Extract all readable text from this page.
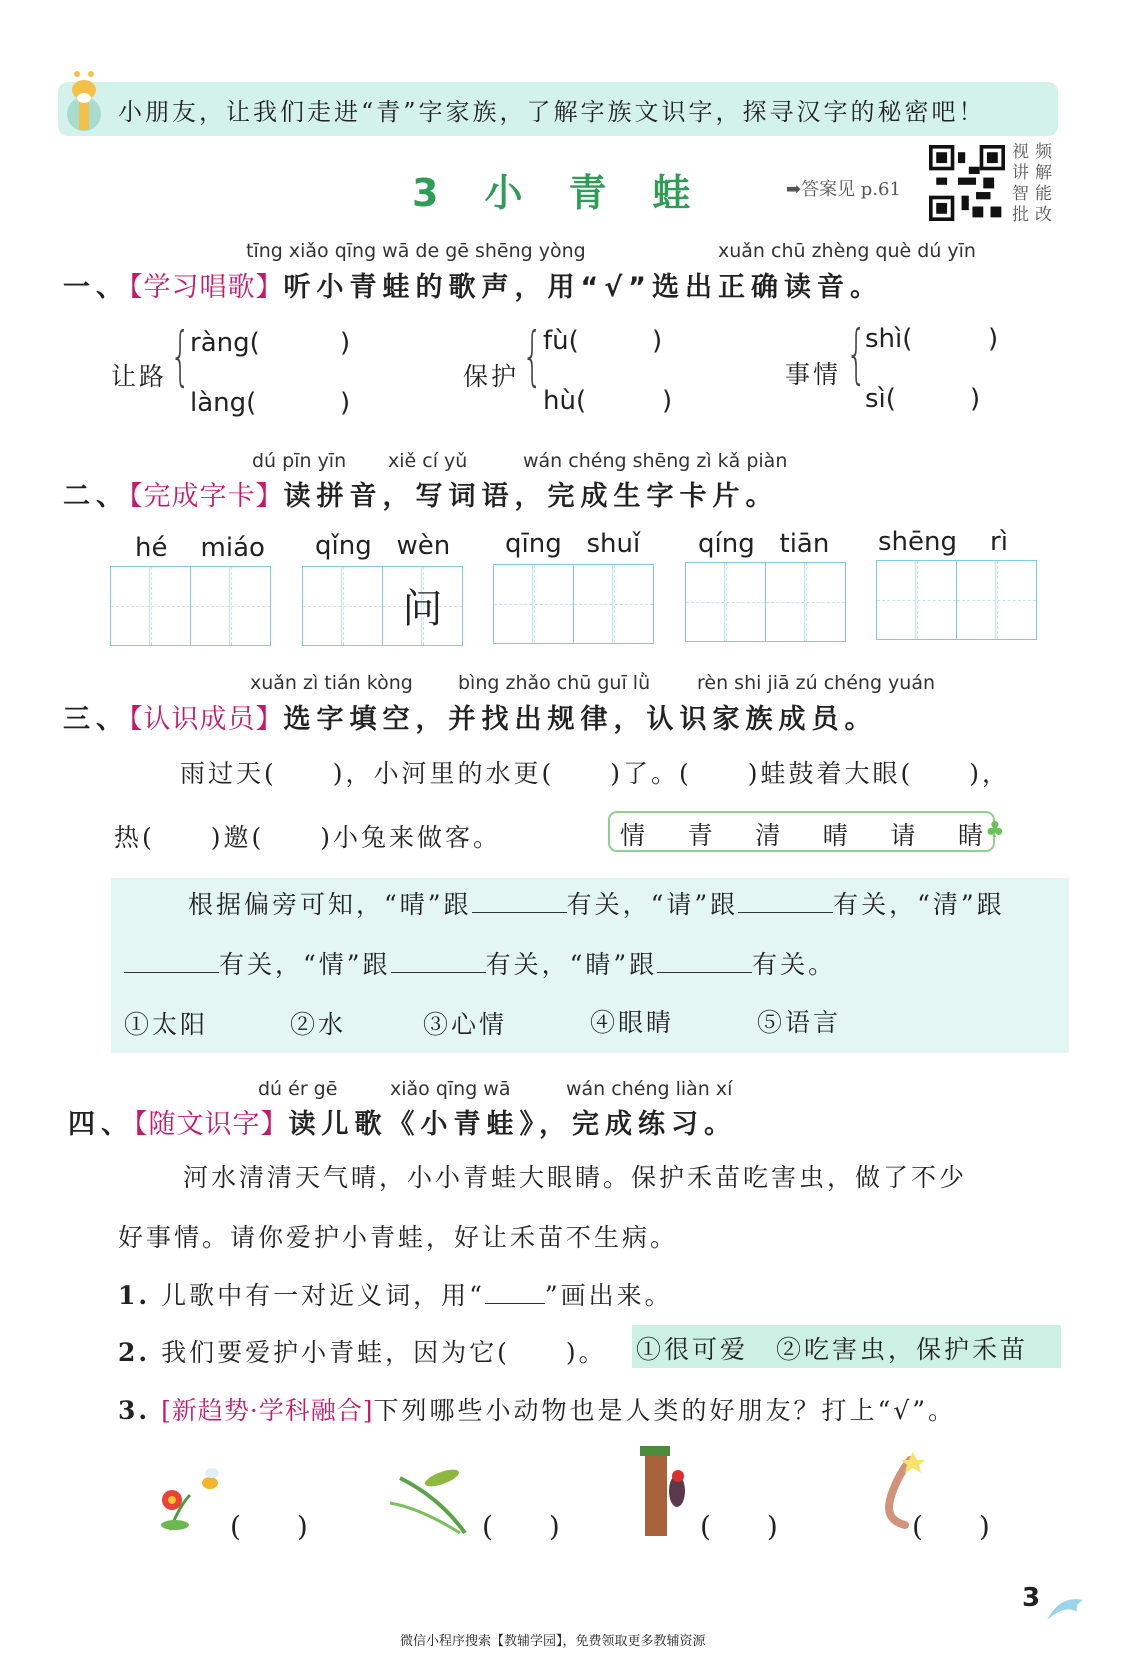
小朋友，让我们走进“青”字家族，了解字族文识字，探寻汉字的秘密吧！
3 小 青 蛙	➡答案见 p.61
视频讲解 智能批改
tīng xiǎo qīng wā de gē shēng yòng	xuǎn chū zhèng què dú yīn
一、【学习唱歌】听小青蛙的歌声，用“√”选出正确读音。
让路 { ràng(	)
làng(	)
保护 { fù(	)
hù(	)
事情 {
shì(	)
sì(	)
dú pīn yīn xiě cí yǔ	wán chéng shēng zì kǎ piàn
二、【完成字卡】读拼音，写词语，完成生字卡片。
hé    miáo qǐng   wèn qīng   shuǐ qíng   tiān shēng    rì
问
xuǎn zì tián kòng bìng zhǎo chū guī lǜ rèn shi jiā zú chéng yuán
三、【认识成员】选字填空，并找出规律，认识家族成员。
雨过天(　　)，小河里的水更(　　)了。(　　)蛙鼓着大眼(　　)，
热(　　)邀(　　)小兔来做客。	情 青 清 晴 请 睛 ♣
根据偏旁可知，“晴”跟	有关，“请”跟	有关，“清”跟
有关，“情”跟	有关，“睛”跟	有关。
①太阳	②水	③心情	④眼睛	⑤语言
dú ér gē	xiǎo qīng wā	wán chéng liàn xí
四、【随文识字】读儿歌《小青蛙》，完成练习。
河水清清天气晴，小小青蛙大眼睛。保护禾苗吃害虫，做了不少
好事情。请你爱护小青蛙，好让禾苗不生病。
1. 儿歌中有一对近义词，用“ ”画出来。
2. 我们要爱护小青蛙，因为它(　　)。 ①很可爱　②吃害虫，保护禾苗
3. [新趋势·学科融合]下列哪些小动物也是人类的好朋友？打上“√”。
(　　)	(　　)	(　　)	(　　)
3
微信小程序搜索【教辅学园】，免费领取更多教辅资源
